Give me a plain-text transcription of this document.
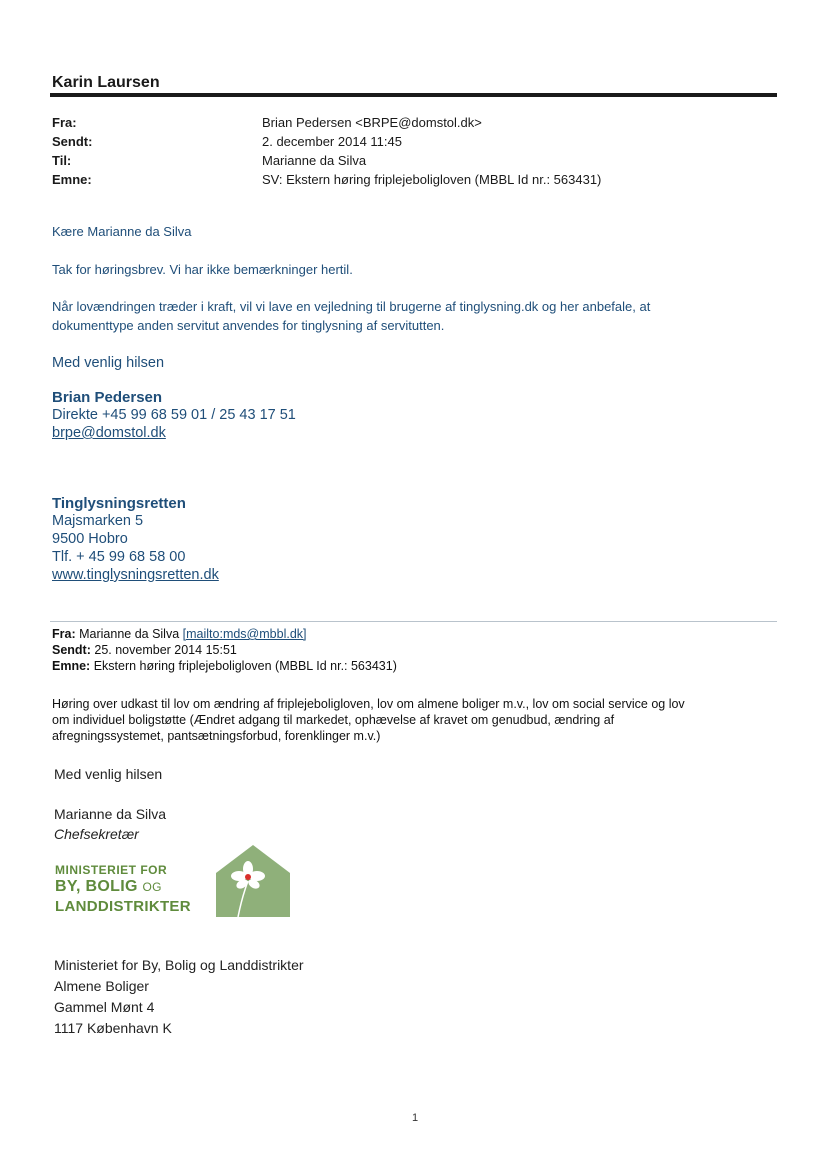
Karin Laursen
Fra:	Brian Pedersen <BRPE@domstol.dk>
Sendt:	2. december 2014 11:45
Til:	Marianne da Silva
Emne:	SV: Ekstern høring friplejeboligloven (MBBL Id nr.: 563431)
Kære Marianne da Silva
Tak for høringsbrev. Vi har ikke bemærkninger hertil.
Når lovændringen træder i kraft, vil vi lave en vejledning til brugerne af tinglysning.dk og her anbefale, at
dokumenttype anden servitut anvendes for tinglysning af servitutten.
Med venlig hilsen
Brian Pedersen
Direkte +45 99 68 59 01 / 25 43 17 51
brpe@domstol.dk
Tinglysningsretten
Majsmarken 5
9500 Hobro
Tlf. + 45 99 68 58 00
www.tinglysningsretten.dk
Fra: Marianne da Silva [mailto:mds@mbbl.dk]
Sendt: 25. november 2014 15:51
Emne: Ekstern høring friplejeboligloven (MBBL Id nr.: 563431)
Høring over udkast til lov om ændring af friplejeboligloven, lov om almene boliger m.v., lov om social service og lov
om individuel boligstøtte (Ændret adgang til markedet, ophævelse af kravet om genudbud, ændring af
afregningssystemet, pantsætningsforbud, forenklinger m.v.)
Med venlig hilsen
Marianne da Silva
Chefsekretær
MINISTERIET FOR
BY, BOLIG OG
LANDDISTRIKTER
Ministeriet for By, Bolig og Landdistrikter
Almene Boliger
Gammel Mønt 4
1117 København K
1
